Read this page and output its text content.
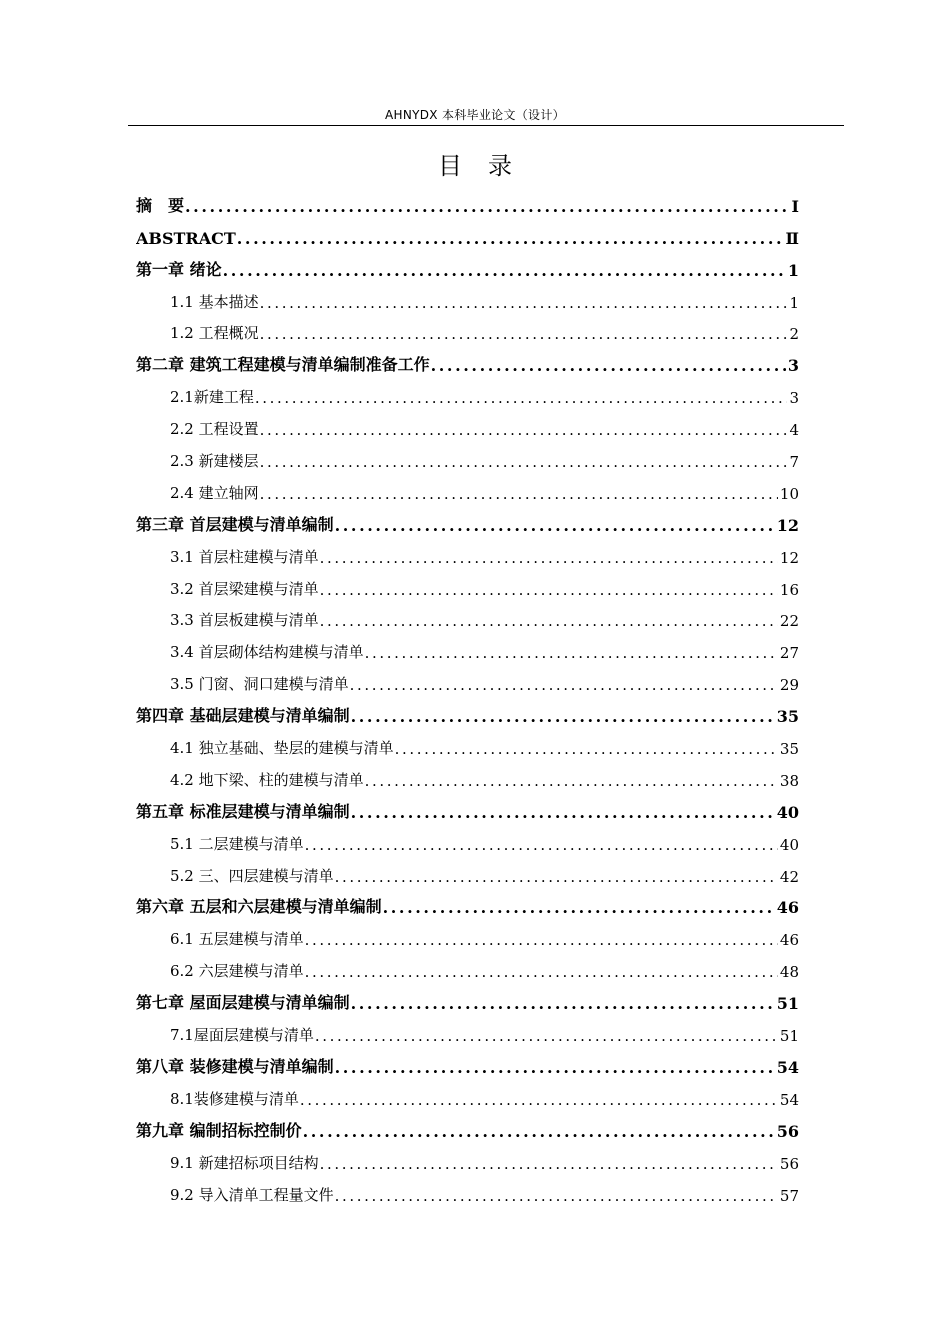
AHNYDX 本科毕业论文（设计）
目录
摘　要 .....	Ⅰ
ABSTRACT .....	Ⅱ
第一章 绪论 .....	1
1.1 基本描述 .....	1
1.2 工程概况 .....	2
第二章 建筑工程建模与清单编制准备工作 .....	3
2.1新建工程 .....	3
2.2 工程设置 .....	4
2.3 新建楼层 .....	7
2.4 建立轴网 .....	10
第三章 首层建模与清单编制 .....	12
3.1 首层柱建模与清单 .....	12
3.2 首层梁建模与清单 .....	16
3.3 首层板建模与清单 .....	22
3.4 首层砌体结构建模与清单 .....	27
3.5 门窗、洞口建模与清单 .....	29
第四章 基础层建模与清单编制 .....	35
4.1 独立基础、垫层的建模与清单 .....	35
4.2 地下梁、柱的建模与清单 .....	38
第五章 标准层建模与清单编制 .....	40
5.1 二层建模与清单 .....	40
5.2 三、四层建模与清单 .....	42
第六章 五层和六层建模与清单编制 .....	46
6.1 五层建模与清单 .....	46
6.2 六层建模与清单 .....	48
第七章 屋面层建模与清单编制 .....	51
7.1屋面层建模与清单 .....	51
第八章 装修建模与清单编制 .....	54
8.1装修建模与清单 .....	54
第九章 编制招标控制价 .....	56
9.1 新建招标项目结构 .....	56
9.2 导入清单工程量文件 .....	57
